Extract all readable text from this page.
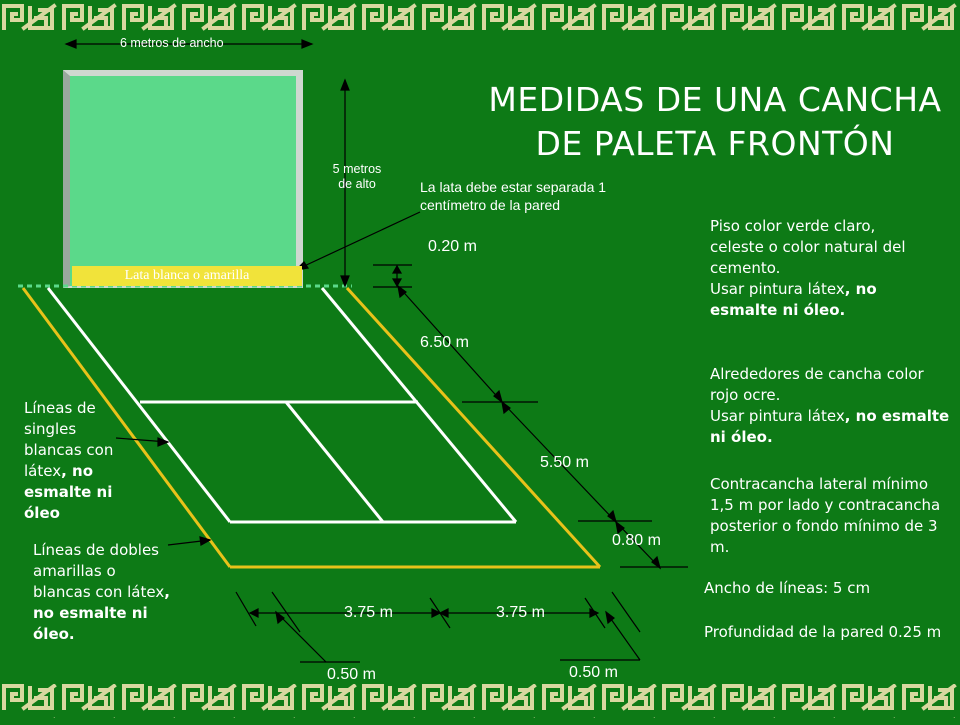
Lata blanca o amarilla
MEDIDAS DE UNA CANCHA
DE PALETA FRONTÓN
6 metros de ancho
5 metros
de alto	La lata debe estar separada 1
centímetro de la pared
0.20 m
6.50 m
5.50 m
0.80 m
3.75 m	3.75 m
0.50 m	0.50 m
Líneas de
singles
blancas con
látex, no
esmalte ni
óleo
Líneas de dobles
amarillas o
blancas con látex,
no esmalte ni
óleo.
Piso color verde claro,
celeste o color natural del
cemento.
Usar pintura látex, no
esmalte ni óleo.
Alrededores de cancha color
rojo ocre.
Usar pintura látex, no esmalte
ni óleo.
Contracancha lateral mínimo
1,5 m por lado y contracancha
posterior o fondo mínimo de 3
m.
Ancho de líneas: 5 cm
Profundidad de la pared 0.25 m
